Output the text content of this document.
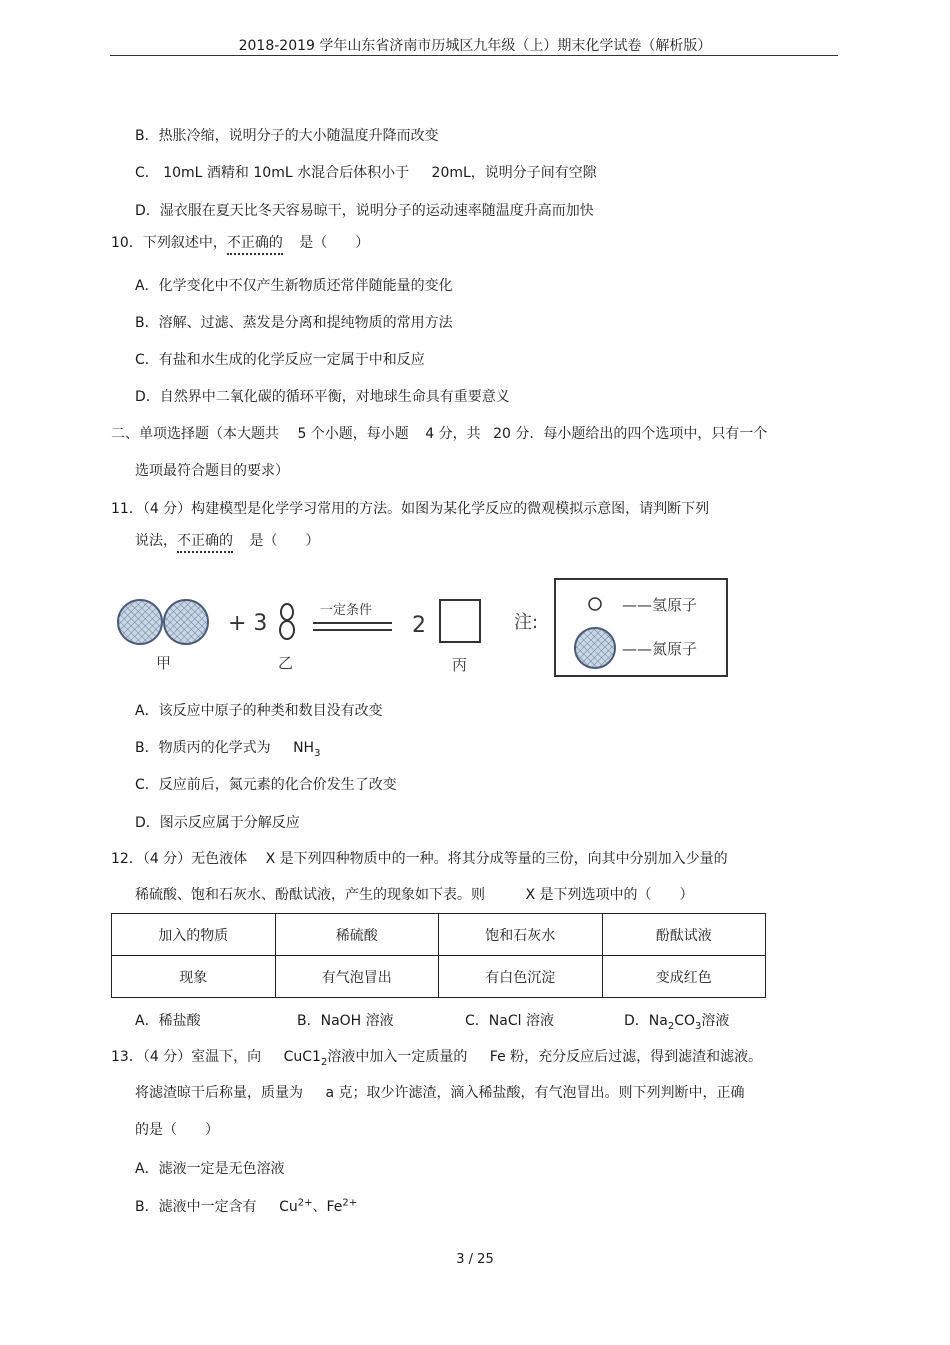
2018-2019 学年山东省济南市历城区九年级（上）期末化学试卷（解析版）
B．热胀冷缩，说明分子的大小随温度升降而改变
C． 10mL 酒精和 10mL 水混合后体积小于 20mL，说明分子间有空隙
D．湿衣服在夏天比冬天容易晾干，说明分子的运动速率随温度升高而加快
10．下列叙述中，不正确的 是（　　）
A．化学变化中不仅产生新物质还常伴随能量的变化
B．溶解、过滤、蒸发是分离和提纯物质的常用方法
C．有盐和水生成的化学反应一定属于中和反应
D．自然界中二氧化碳的循环平衡，对地球生命具有重要意义
二、单项选择题（本大题共 5 个小题，每小题 4 分，共 20 分．每小题给出的四个选项中，只有一个
选项最符合题目的要求）
11．（4 分）构建模型是化学学习常用的方法。如图为某化学反应的微观模拟示意图，请判断下列
说法，不正确的 是（　　）
甲
+ 3
乙
一定条件
2
丙
注:
——氢原子
——氮原子
A．该反应中原子的种类和数目没有改变
B．物质丙的化学式为 $NH_3$
C．反应前后，氮元素的化合价发生了改变
D．图示反应属于分解反应
12．（4 分）无色液体 X 是下列四种物质中的一种。将其分成等量的三份，向其中分别加入少量的
稀硫酸、饱和石灰水、酚酞试液，产生的现象如下表。则	X 是下列选项中的（　　）
加入的物质	稀硫酸	饱和石灰水	酚酞试液
现象	有气泡冒出	有白色沉淀	变成红色
A．稀盐酸	B．NaOH 溶液	C．NaCl 溶液	D．$Na_2CO_3$溶液
13．（4 分）室温下，向 $CuC1_2$溶液中加入一定质量的 Fe 粉，充分反应后过滤，得到滤渣和滤液。
将滤渣晾干后称量，质量为 a 克；取少许滤渣，滴入稀盐酸，有气泡冒出。则下列判断中，正确
的是（　　）
A．滤液一定是无色溶液
B．滤液中一定含有 $Cu^{2+}$、$Fe^{2+}$
3 / 25
